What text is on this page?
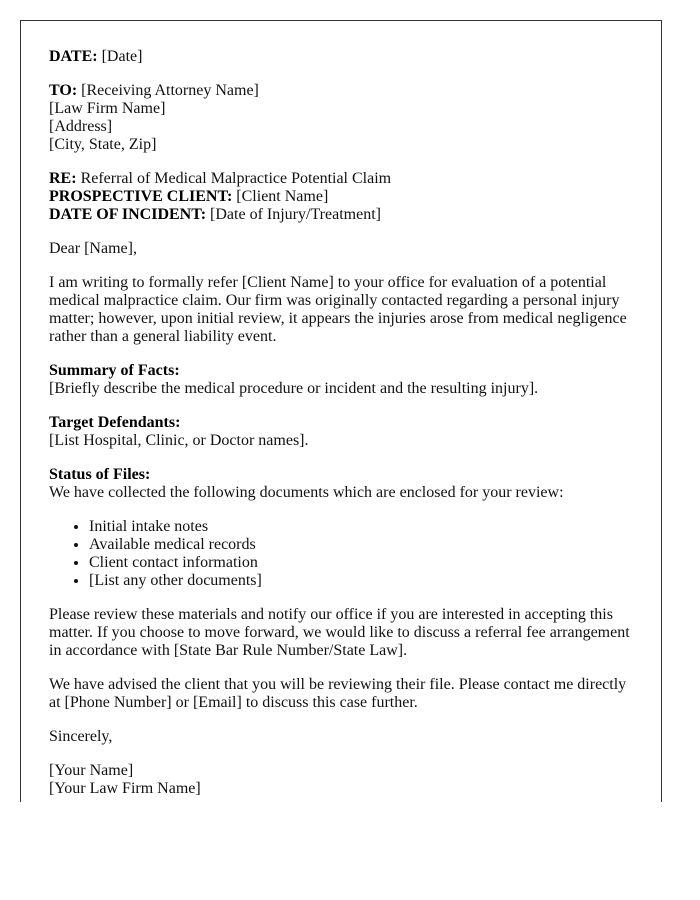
DATE: [Date]

TO: [Receiving Attorney Name]
[Law Firm Name]
[Address]
[City, State, Zip]

RE: Referral of Medical Malpractice Potential Claim
PROSPECTIVE CLIENT: [Client Name]
DATE OF INCIDENT: [Date of Injury/Treatment]

Dear [Name],

I am writing to formally refer [Client Name] to your office for evaluation of a potential medical malpractice claim. Our firm was originally contacted regarding a personal injury matter; however, upon initial review, it appears the injuries arose from medical negligence rather than a general liability event.

Summary of Facts:
[Briefly describe the medical procedure or incident and the resulting injury].

Target Defendants:
[List Hospital, Clinic, or Doctor names].

Status of Files:
We have collected the following documents which are enclosed for your review:

• Initial intake notes
• Available medical records
• Client contact information
• [List any other documents]

Please review these materials and notify our office if you are interested in accepting this matter. If you choose to move forward, we would like to discuss a referral fee arrangement in accordance with [State Bar Rule Number/State Law].

We have advised the client that you will be reviewing their file. Please contact me directly at [Phone Number] or [Email] to discuss this case further.

Sincerely,

[Your Name]
[Your Law Firm Name]
